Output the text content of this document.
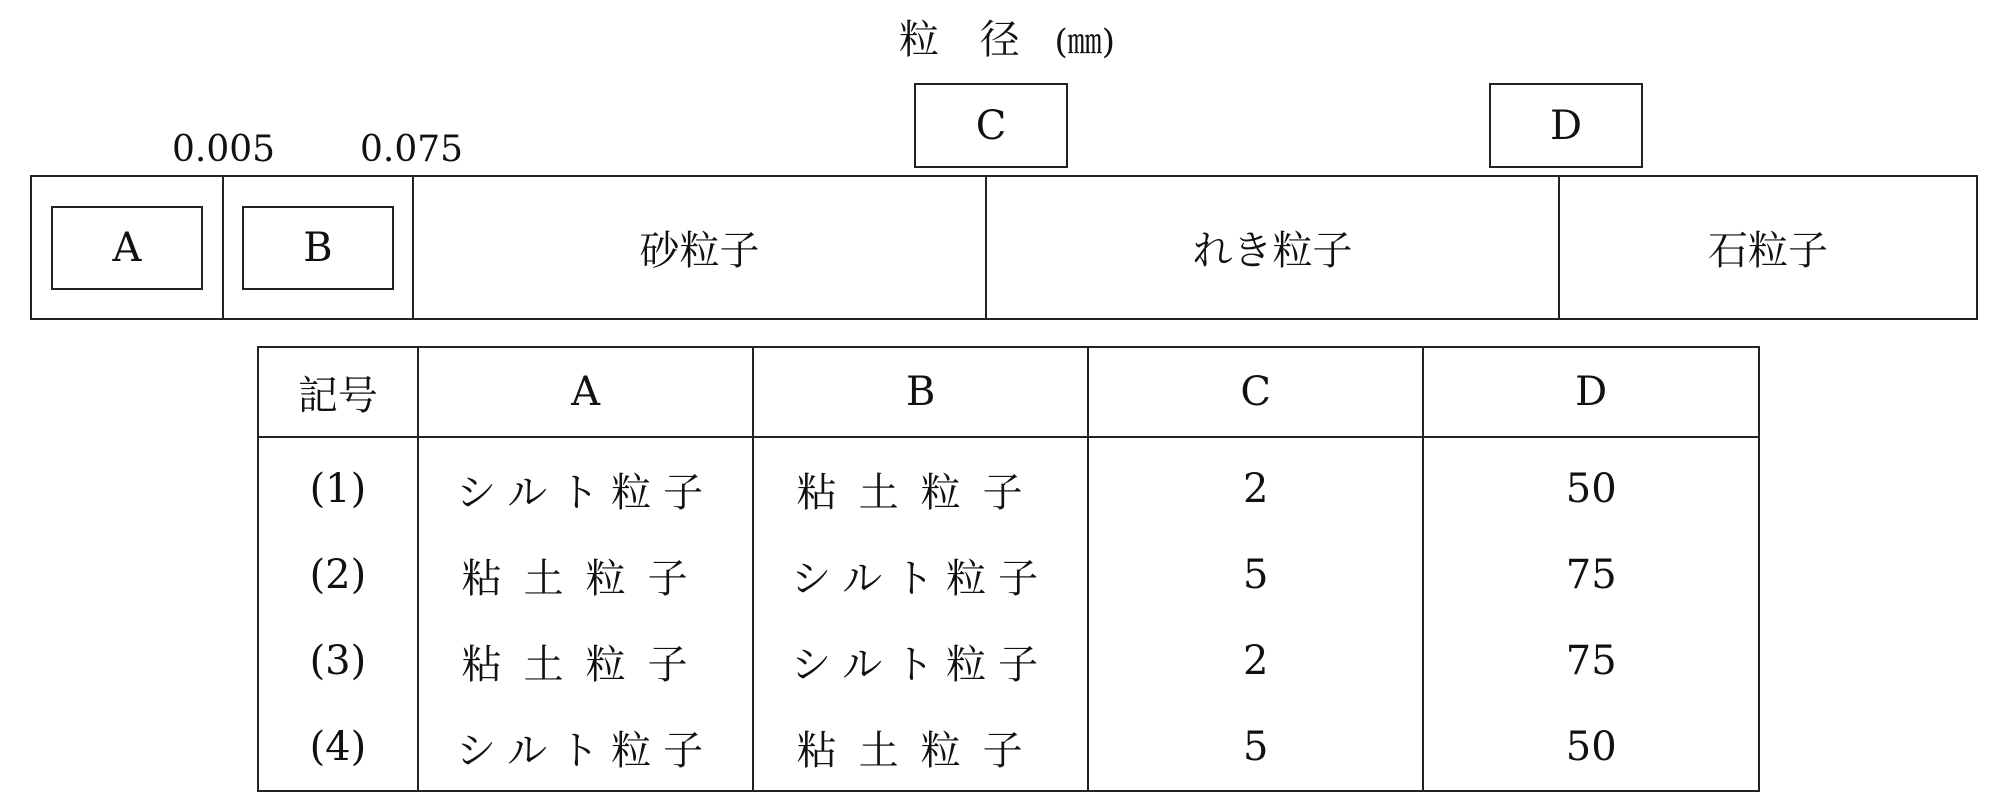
粒 径 (㎜)
0.005 0.075
C	D
A	B	砂粒子	れき粒子	石粒子
記号	A	B	C	D
(1)	シルト粒子	粘土粒子	2	50
(2)	粘土粒子	シルト粒子	5	75
(3)	粘土粒子	シルト粒子	2	75
(4)	シルト粒子	粘土粒子	5	50
